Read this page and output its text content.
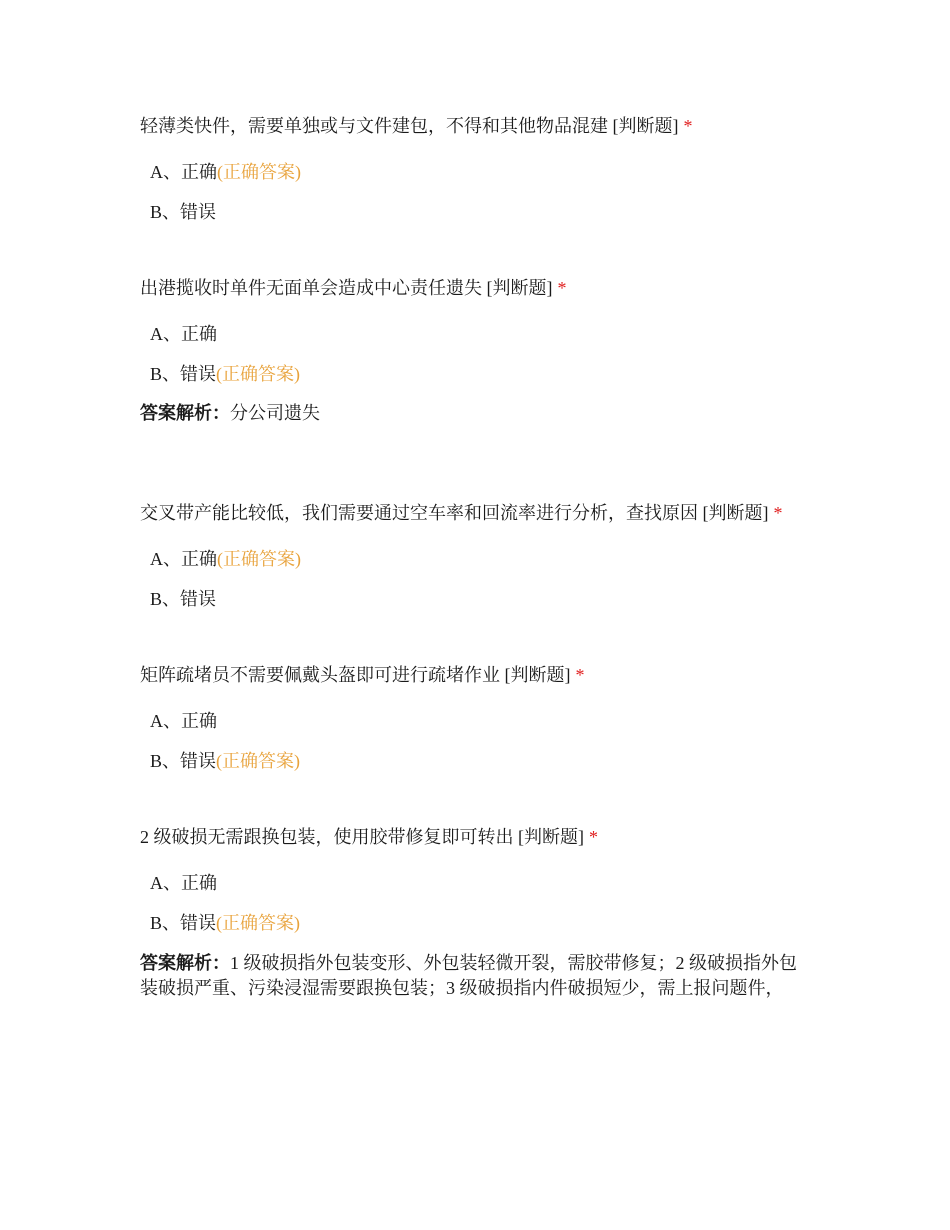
轻薄类快件，需要单独或与文件建包，不得和其他物品混建 [判断题] *
A、正确(正确答案)
B、错误
出港揽收时单件无面单会造成中心责任遗失 [判断题] *
A、正确
B、错误(正确答案)
答案解析：分公司遗失
交叉带产能比较低，我们需要通过空车率和回流率进行分析，查找原因 [判断题] *
A、正确(正确答案)
B、错误
矩阵疏堵员不需要佩戴头盔即可进行疏堵作业 [判断题] *
A、正确
B、错误(正确答案)
2 级破损无需跟换包装，使用胶带修复即可转出 [判断题] *
A、正确
B、错误(正确答案)
答案解析：1 级破损指外包装变形、外包装轻微开裂，需胶带修复；2 级破损指外包装破损严重、污染浸湿需要跟换包装；3 级破损指内件破损短少，需上报问题件，
